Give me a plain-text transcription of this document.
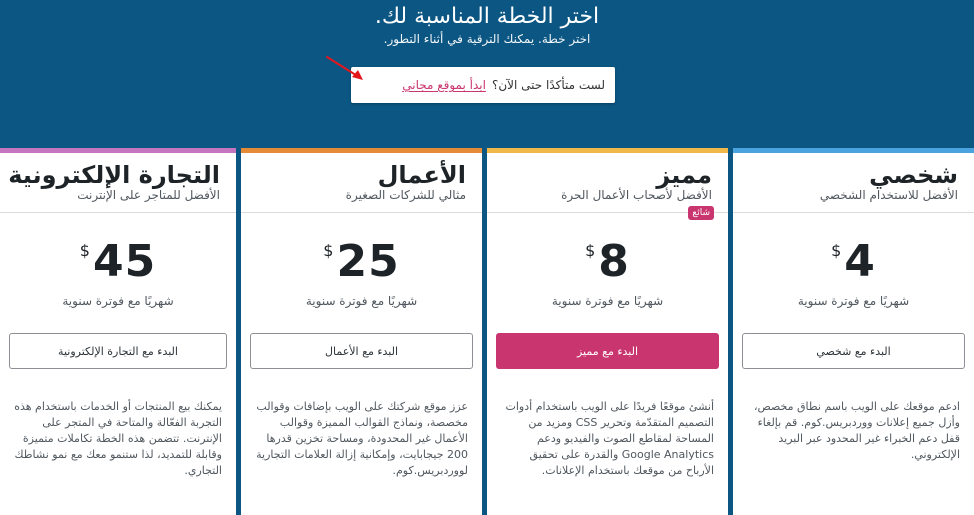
اختر الخطة المناسبة لك.

اختر خطة. يمكنك الترقية في أثناء التطور.

لست متأكدًا حتى الآن؟
ابدأ بموقع مجاني
شخصي

الأفضل للاستخدام الشخصي

$4
شهريًا مع فوترة سنوية
البدء مع شخصي

ادعم موقعك على الويب باسم نطاق مخصص، وأزل جميع إعلانات ووردبريس.كوم. قم بإلغاء قفل دعم الخبراء غير المحدود عبر البريد الإلكتروني.

مميز

الأفضل لأصحاب الأعمال الحرة

شائع
$8
شهريًا مع فوترة سنوية
البدء مع مميز

أنشئ موقعًا فريدًا على الويب باستخدام أدوات التصميم المتقدّمة وتحرير CSS ومزيد من المساحة لمقاطع الصوت والفيديو ودعم Google Analytics والقدرة على تحقيق الأرباح من موقعك باستخدام الإعلانات.

الأعمال

مثالي للشركات الصغيرة

$25
شهريًا مع فوترة سنوية
البدء مع الأعمال

عزز موقع شركتك على الويب بإضافات وقوالب مخصصة، ونماذج القوالب المميزة وقوالب الأعمال غير المحدودة، ومساحة تخزين قدرها 200 جيجابايت، وإمكانية إزالة العلامات التجارية لووردبريس.كوم.

التجارة الإلكترونية

الأفضل للمتاجر على الإنترنت

$45
شهريًا مع فوترة سنوية
البدء مع التجارة الإلكترونية

يمكنك بيع المنتجات أو الخدمات باستخدام هذه التجربة الفعّالة والمتاحة في المتجر على الإنترنت. تتضمن هذه الخطة تكاملات متميزة وقابلة للتمديد، لذا ستنمو معك مع نمو نشاطك التجاري.
